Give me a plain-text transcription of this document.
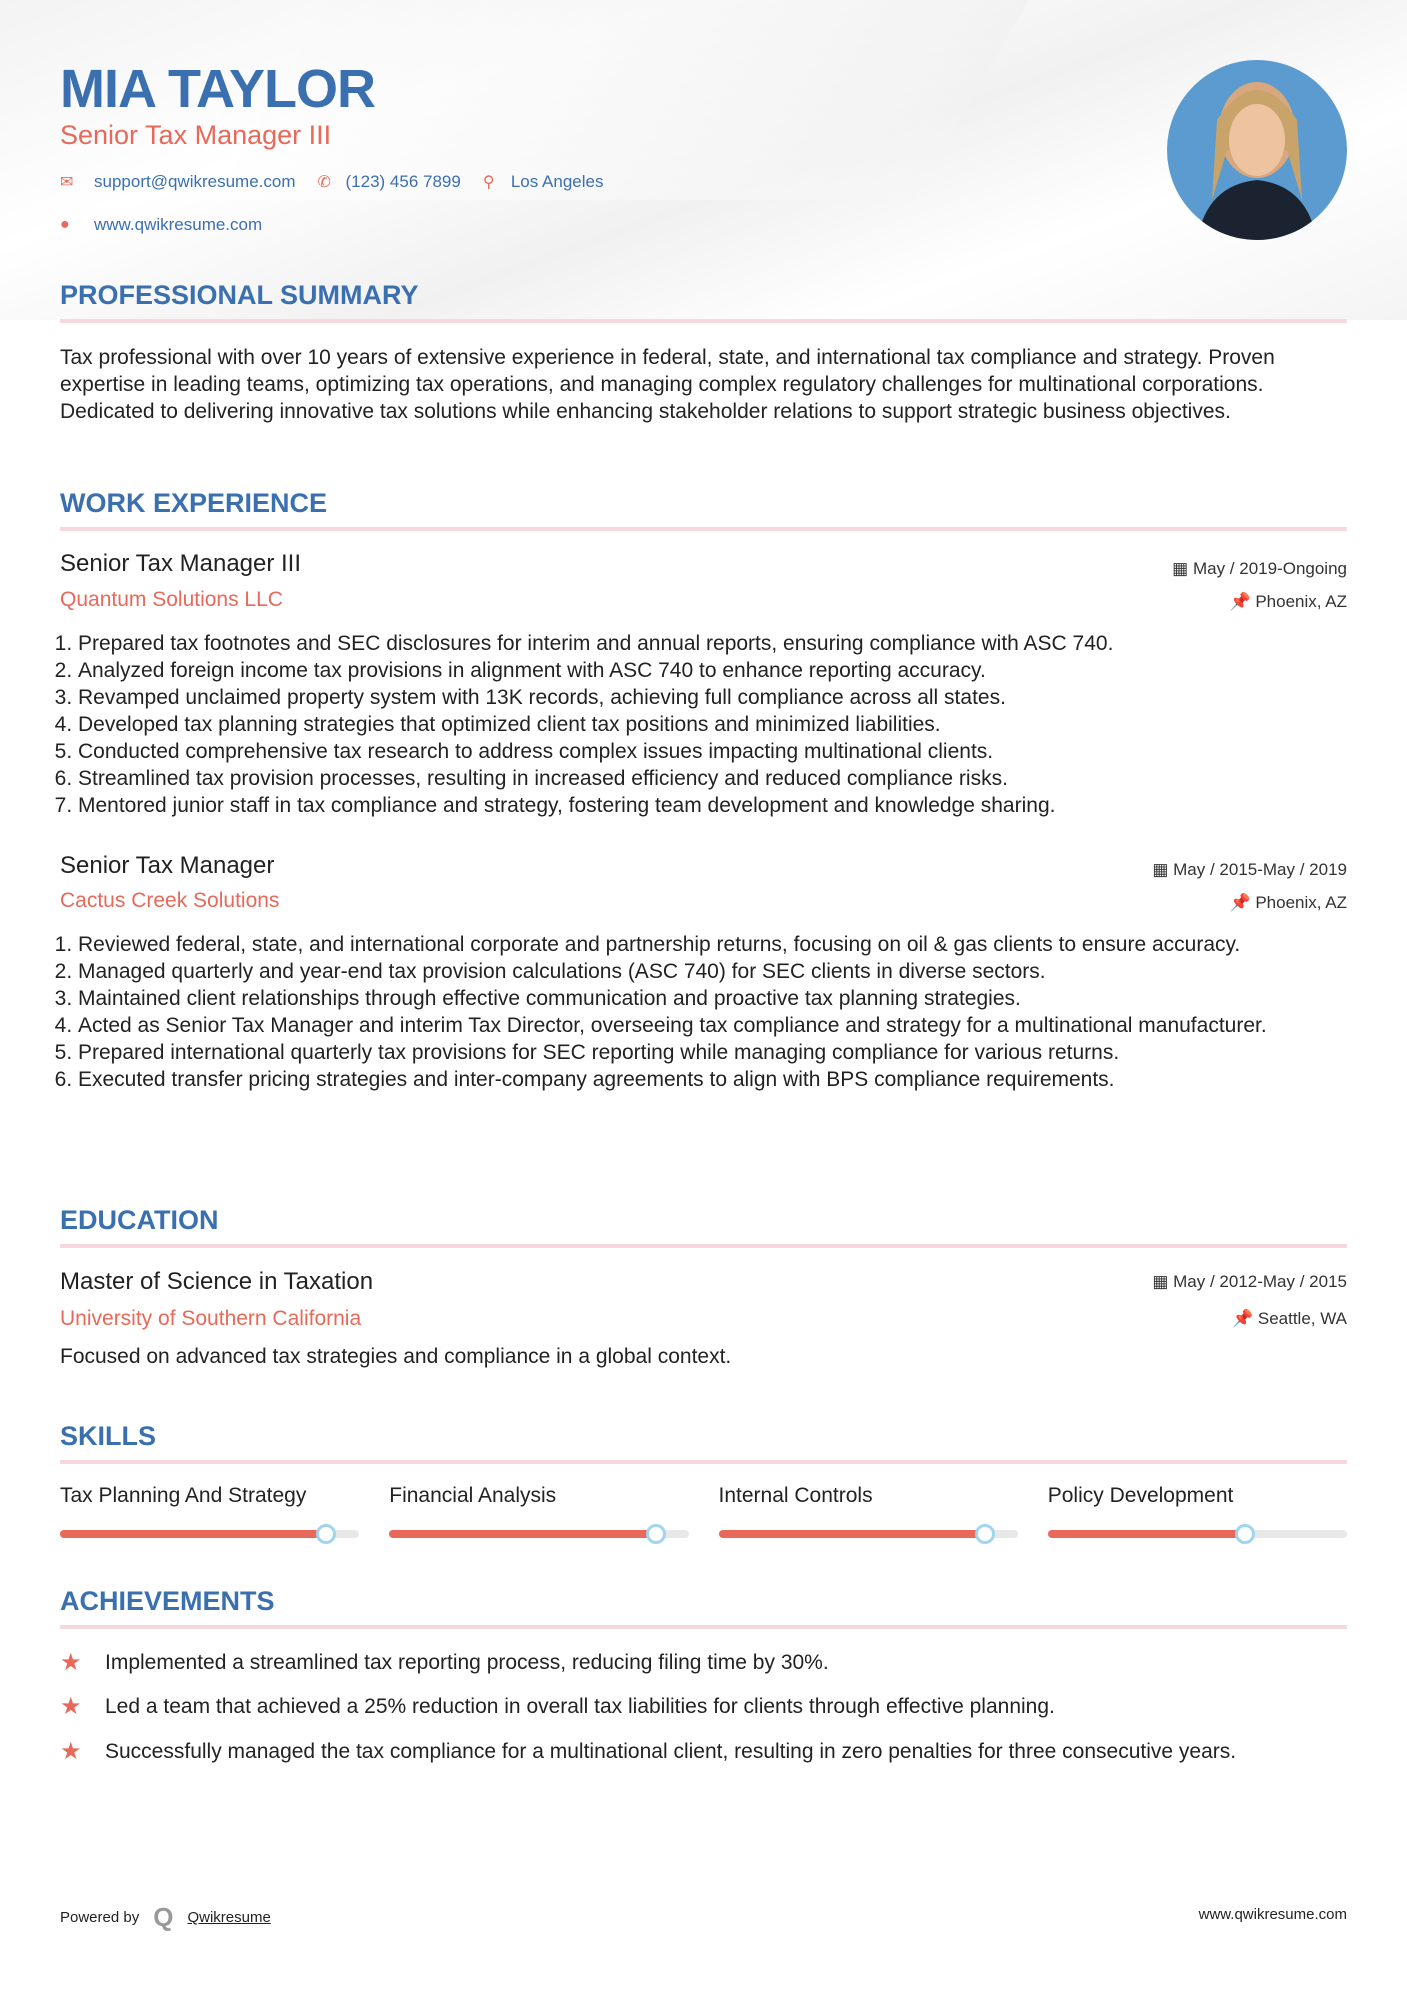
MIA TAYLOR
Senior Tax Manager III
✉	support@qwikresume.com ✆ (123) 456 7899 ⚲ Los Angeles
●	www.qwikresume.com
PROFESSIONAL SUMMARY
Tax professional with over 10 years of extensive experience in federal, state, and international tax compliance and strategy. Proven expertise in leading teams, optimizing tax operations, and managing complex regulatory challenges for multinational corporations. Dedicated to delivering innovative tax solutions while enhancing stakeholder relations to support strategic business objectives.
WORK EXPERIENCE
Senior Tax Manager III
Quantum Solutions LLC
▦ May / 2019-Ongoing
📌 Phoenix, AZ
1. Prepared tax footnotes and SEC disclosures for interim and annual reports, ensuring compliance with ASC 740.
2. Analyzed foreign income tax provisions in alignment with ASC 740 to enhance reporting accuracy.
3. Revamped unclaimed property system with 13K records, achieving full compliance across all states.
4. Developed tax planning strategies that optimized client tax positions and minimized liabilities.
5. Conducted comprehensive tax research to address complex issues impacting multinational clients.
6. Streamlined tax provision processes, resulting in increased efficiency and reduced compliance risks.
7. Mentored junior staff in tax compliance and strategy, fostering team development and knowledge sharing.
Senior Tax Manager
Cactus Creek Solutions
▦ May / 2015-May / 2019
📌 Phoenix, AZ
1. Reviewed federal, state, and international corporate and partnership returns, focusing on oil & gas clients to ensure accuracy.
2. Managed quarterly and year-end tax provision calculations (ASC 740) for SEC clients in diverse sectors.
3. Maintained client relationships through effective communication and proactive tax planning strategies.
4. Acted as Senior Tax Manager and interim Tax Director, overseeing tax compliance and strategy for a multinational manufacturer.
5. Prepared international quarterly tax provisions for SEC reporting while managing compliance for various returns.
6. Executed transfer pricing strategies and inter-company agreements to align with BPS compliance requirements.
EDUCATION
Master of Science in Taxation
University of Southern California
▦ May / 2012-May / 2015
📌 Seattle, WA
Focused on advanced tax strategies and compliance in a global context.
SKILLS
Tax Planning And Strategy	Financial Analysis	Internal Controls	Policy Development
ACHIEVEMENTS
★	Implemented a streamlined tax reporting process, reducing filing time by 30%.
★	Led a team that achieved a 25% reduction in overall tax liabilities for clients through effective planning.
★	Successfully managed the tax compliance for a multinational client, resulting in zero penalties for three consecutive years.
Powered by Q Qwikresume	www.qwikresume.com
